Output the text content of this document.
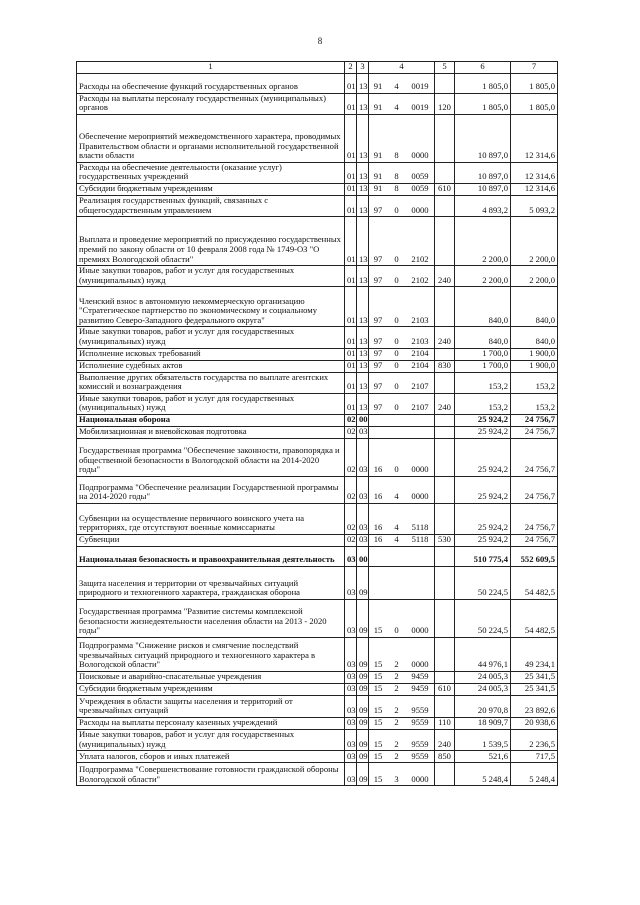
8
1	2	3	4	5	6	7
Расходы на обеспечение функций государственных органов	01	13	91 4 0019		1 805,0	1 805,0
Расходы на выплаты персоналу государственных (муниципальных) органов	01	13	91 4 0019	120	1 805,0	1 805,0
Обеспечение мероприятий межведомственного характера, проводимых Правительством области и органами исполнительной государственной власти области	01	13	91 8 0000		10 897,0	12 314,6
Расходы на обеспечение деятельности (оказание услуг) государственных учреждений	01	13	91 8 0059		10 897,0	12 314,6
Субсидии бюджетным учреждениям	01	13	91 8 0059	610	10 897,0	12 314,6
Реализация государственных функций, связанных с общегосударственным управлением	01	13	97 0 0000		4 893,2	5 093,2
Выплата и проведение мероприятий по присуждению государственных премий по закону области от 10 февраля 2008 года № 1749-ОЗ "О премиях Вологодской области"	01	13	97 0 2102		2 200,0	2 200,0
Иные закупки товаров, работ и услуг для государственных (муниципальных) нужд	01	13	97 0 2102	240	2 200,0	2 200,0
Членский взнос в автономную некоммерческую организацию "Стратегическое партнерство по экономическому и социальному развитию Северо-Западного федерального округа"	01	13	97 0 2103		840,0	840,0
Иные закупки товаров, работ и услуг для государственных (муниципальных) нужд	01	13	97 0 2103	240	840,0	840,0
Исполнение исковых требований	01	13	97 0 2104		1 700,0	1 900,0
Исполнение судебных актов	01	13	97 0 2104	830	1 700,0	1 900,0
Выполнение других обязательств государства по выплате агентских комиссий и вознаграждения	01	13	97 0 2107		153,2	153,2
Иные закупки товаров, работ и услуг для государственных (муниципальных) нужд	01	13	97 0 2107	240	153,2	153,2
Национальная оборона	02	00			25 924,2	24 756,7
Мобилизационная и вневойсковая подготовка	02	03			25 924,2	24 756,7
Государственная программа "Обеспечение законности, правопорядка и общественной безопасности в Вологодской области на 2014-2020 годы"	02	03	16 0 0000		25 924,2	24 756,7
Подпрограмма "Обеспечение реализации Государственной программы на 2014-2020 годы"	02	03	16 4 0000		25 924,2	24 756,7
Субвенции на осуществление первичного воинского учета на территориях, где отсутствуют военные комиссариаты	02	03	16 4 5118		25 924,2	24 756,7
Субвенции	02	03	16 4 5118	530	25 924,2	24 756,7
Национальная безопасность и правоохранительная деятельность	03	00			510 775,4	552 609,5
Защита населения и территории от чрезвычайных ситуаций природного и техногенного характера, гражданская оборона	03	09			50 224,5	54 482,5
Государственная программа "Развитие системы комплексной безопасности жизнедеятельности населения области на 2013 - 2020 годы"	03	09	15 0 0000		50 224,5	54 482,5
Подпрограмма "Снижение рисков и смягчение последствий чрезвычайных ситуаций природного и техногенного характера в Вологодской области"	03	09	15 2 0000		44 976,1	49 234,1
Поисковые и аварийно-спасательные учреждения	03	09	15 2 9459		24 005,3	25 341,5
Субсидии бюджетным учреждениям	03	09	15 2 9459	610	24 005,3	25 341,5
Учреждения в области защиты населения и территорий от чрезвычайных ситуаций	03	09	15 2 9559		20 970,8	23 892,6
Расходы на выплаты персоналу казенных учреждений	03	09	15 2 9559	110	18 909,7	20 938,6
Иные закупки товаров, работ и услуг для государственных (муниципальных) нужд	03	09	15 2 9559	240	1 539,5	2 236,5
Уплата налогов, сборов и иных платежей	03	09	15 2 9559	850	521,6	717,5
Подпрограмма "Совершенствование готовности гражданской обороны Вологодской области"	03	09	15 3 0000		5 248,4	5 248,4
